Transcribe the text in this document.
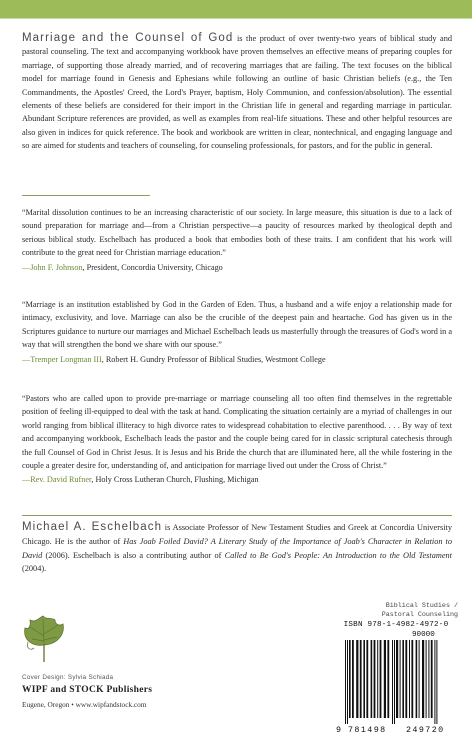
Marriage and the Counsel of God is the product of over twenty-two years of biblical study and pastoral counseling. The text and accompanying workbook have proven themselves an effective means of preparing couples for marriage, of supporting those already married, and of recovering marriages that are failing. The text focuses on the biblical model for marriage found in Genesis and Ephesians while following an outline of basic Christian beliefs (e.g., the Ten Commandments, the Apostles' Creed, the Lord's Prayer, baptism, Holy Communion, and confession/absolution). The essential elements of these beliefs are considered for their import in the Christian life in general and regarding marriage in particular. Abundant Scripture references are provided, as well as examples from real-life situations. These and other helpful resources are also given in indices for quick reference. The book and workbook are written in clear, nontechnical, and engaging language and so are aimed for students and teachers of counseling, for counseling professionals, for pastors, and for the public in general.
“Marital dissolution continues to be an increasing characteristic of our society. In large measure, this situation is due to a lack of sound preparation for marriage and—from a Christian perspective—a paucity of resources marked by theological depth and serious biblical study. Eschelbach has produced a book that embodies both of these traits. I am confident that his work will contribute to the great need for Christian marriage education.”
—John F. Johnson, President, Concordia University, Chicago
“Marriage is an institution established by God in the Garden of Eden. Thus, a husband and a wife enjoy a relationship made for intimacy, exclusivity, and love. Marriage can also be the crucible of the deepest pain and heartache. God has given us in the Scriptures guidance to nurture our marriages and Michael Eschelbach leads us masterfully through the treasures of God's word in a way that will strengthen the bond we share with our spouse.”
—Tremper Longman III, Robert H. Gundry Professor of Biblical Studies, Westmont College
“Pastors who are called upon to provide pre-marriage or marriage counseling all too often find themselves in the regrettable position of feeling ill-equipped to deal with the task at hand. Complicating the situation certainly are a myriad of challenges in our world ranging from biblical illiteracy to high divorce rates to widespread cohabitation to elective parenthood. . . . By way of text and accompanying workbook, Eschelbach leads the pastor and the couple being cared for in classic scriptural catechesis through the full Counsel of God in Christ Jesus. It is Jesus and his Bride the church that are illuminated here, all the while fostering in the couple a greater desire for, understanding of, and anticipation for marriage lived out under the Cross of Christ.”
—Rev. David Rufner, Holy Cross Lutheran Church, Flushing, Michigan
Michael A. Eschelbach is Associate Professor of New Testament Studies and Greek at Concordia University Chicago. He is the author of Has Joab Foiled David? A Literary Study of the Importance of Joab's Character in Relation to David (2006). Eschelbach is also a contributing author of Called to Be God's People: An Introduction to the Old Testament (2004).
Cover Design: Sylvia Schiada
WIPF and STOCK Publishers
Eugene, Oregon • www.wipfandstock.com
Biblical Studies /
Pastoral Counseling
ISBN 978-1-4982-4972-0
90000
9 781498 249720
